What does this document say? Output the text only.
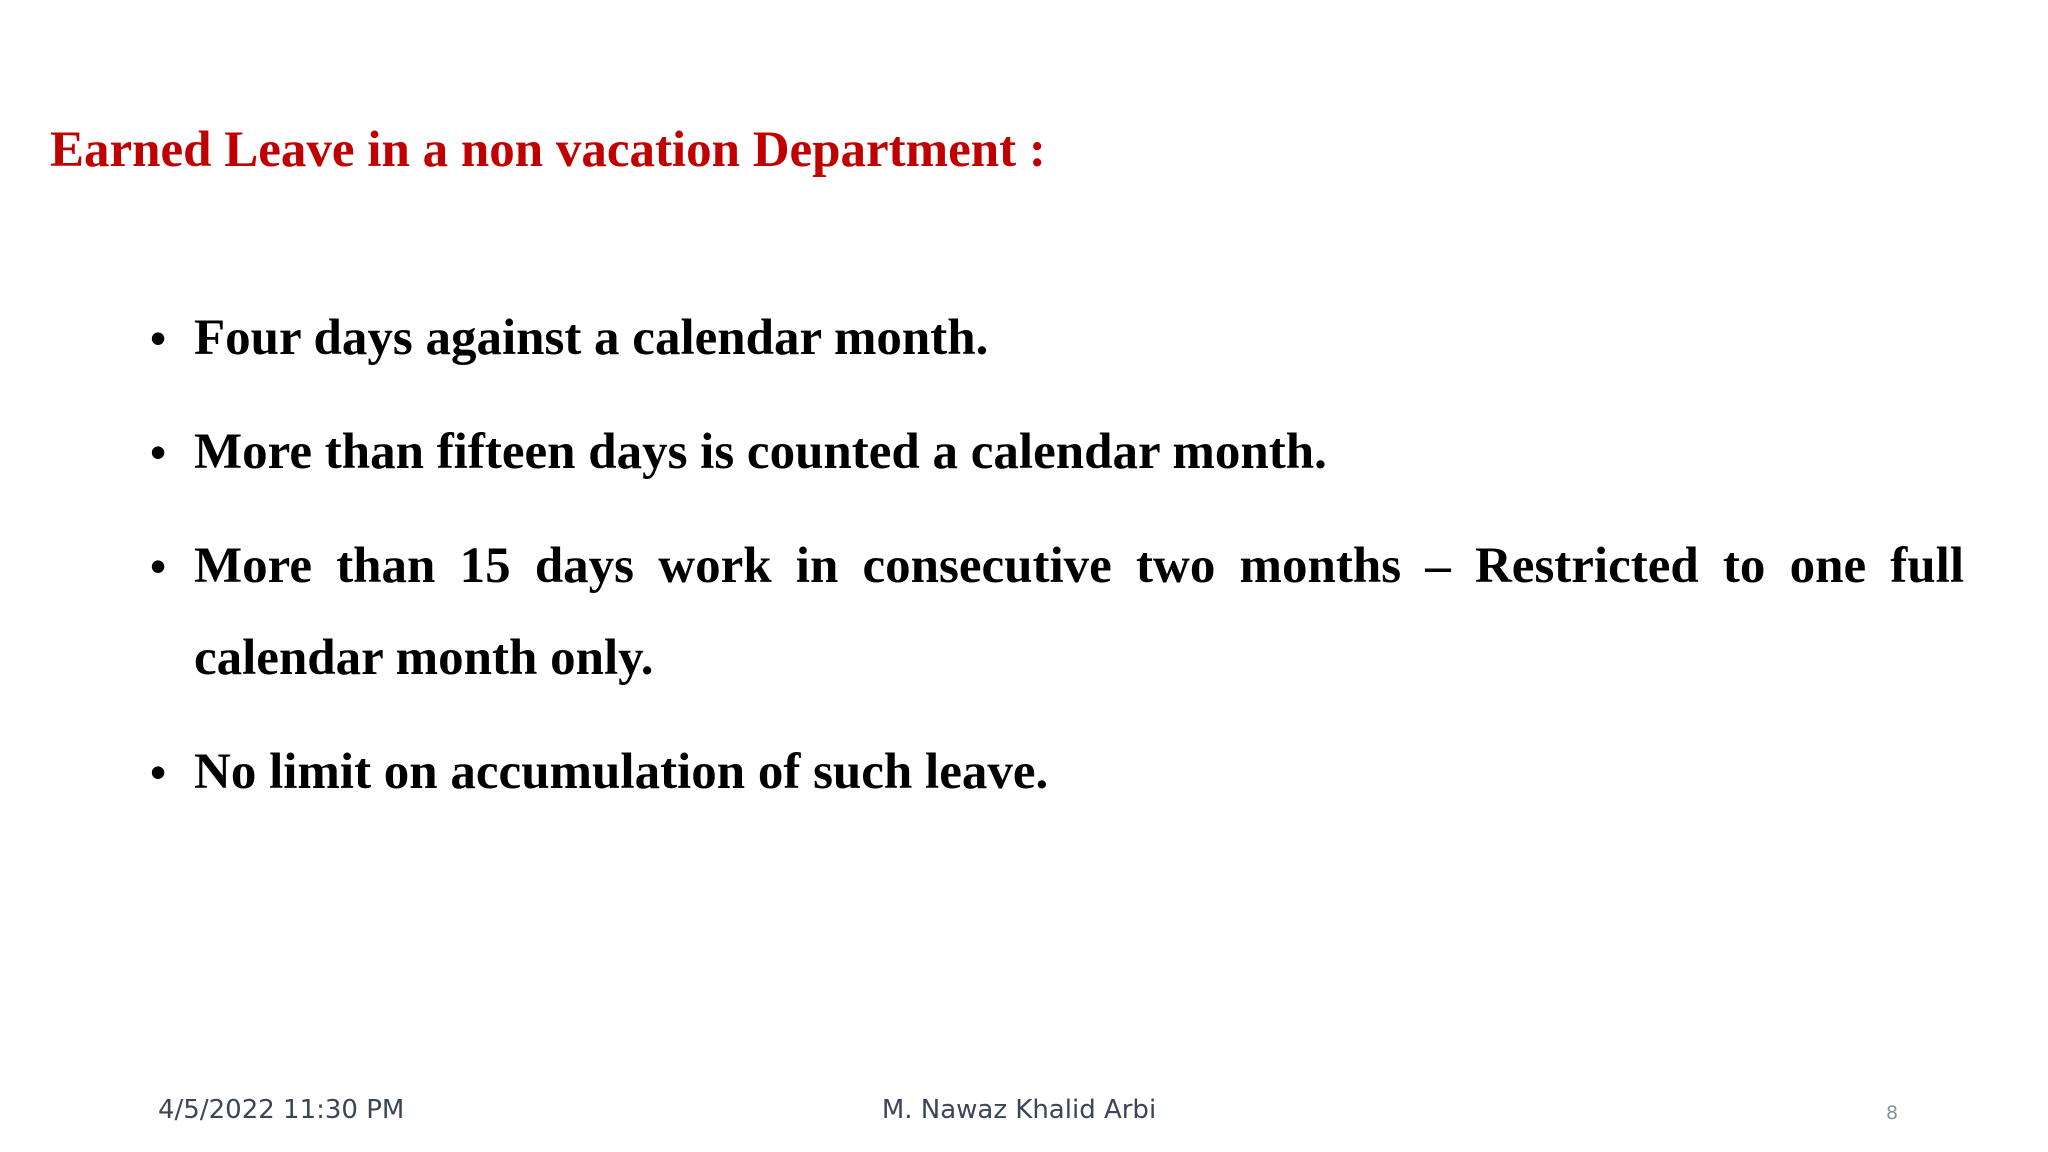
Earned Leave in a non vacation Department :
• Four days against a calendar month.
• More than fifteen days is counted a calendar month.
• More than 15 days work in consecutive two months – Restricted to one full calendar month only.
• No limit on accumulation of such leave.
4/5/2022 11:30 PM	M. Nawaz Khalid Arbi	8
